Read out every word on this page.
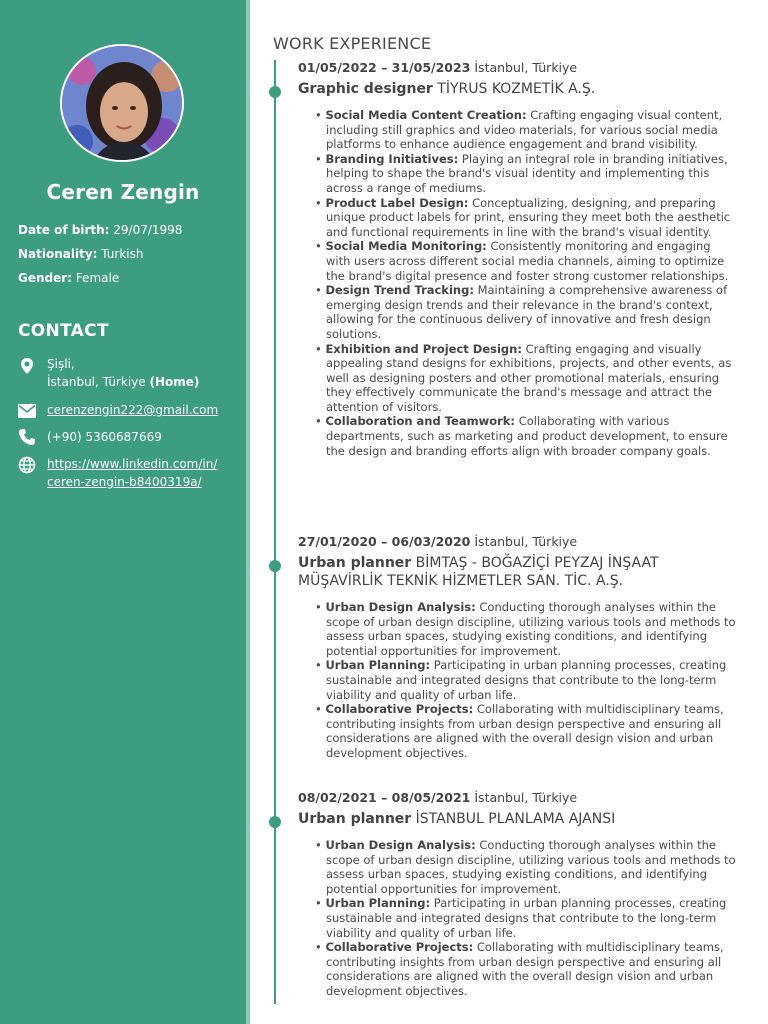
Ceren Zengin
Date of birth: 29/07/1998
Nationality: Turkish
Gender: Female
CONTACT
Şişli,
İstanbul, Türkiye (Home)
cerenzengin222@gmail.com
(+90) 5360687669
https://www.linkedin.com/in/
ceren-zengin-b8400319a/
WORK EXPERIENCE
01/05/2022 – 31/05/2023 İstanbul, Türkiye
Graphic designer TİYRUS KOZMETİK A.Ş.
• Social Media Content Creation: Crafting engaging visual content, including still graphics and video materials, for various social media platforms to enhance audience engagement and brand visibility.
• Branding Initiatives: Playing an integral role in branding initiatives, helping to shape the brand's visual identity and implementing this across a range of mediums.
• Product Label Design: Conceptualizing, designing, and preparing unique product labels for print, ensuring they meet both the aesthetic and functional requirements in line with the brand's visual identity.
• Social Media Monitoring: Consistently monitoring and engaging with users across different social media channels, aiming to optimize the brand's digital presence and foster strong customer relationships.
• Design Trend Tracking: Maintaining a comprehensive awareness of emerging design trends and their relevance in the brand's context, allowing for the continuous delivery of innovative and fresh design solutions.
• Exhibition and Project Design: Crafting engaging and visually appealing stand designs for exhibitions, projects, and other events, as well as designing posters and other promotional materials, ensuring they effectively communicate the brand's message and attract the attention of visitors.
• Collaboration and Teamwork: Collaborating with various departments, such as marketing and product development, to ensure the design and branding efforts align with broader company goals.
27/01/2020 – 06/03/2020 İstanbul, Türkiye
Urban planner BİMTAŞ - BOĞAZİÇİ PEYZAJ İNŞAAT MÜŞAVİRLİK TEKNİK HİZMETLER SAN. TİC. A.Ş.
• Urban Design Analysis: Conducting thorough analyses within the scope of urban design discipline, utilizing various tools and methods to assess urban spaces, studying existing conditions, and identifying potential opportunities for improvement.
• Urban Planning: Participating in urban planning processes, creating sustainable and integrated designs that contribute to the long-term viability and quality of urban life.
• Collaborative Projects: Collaborating with multidisciplinary teams, contributing insights from urban design perspective and ensuring all considerations are aligned with the overall design vision and urban development objectives.
08/02/2021 – 08/05/2021 İstanbul, Türkiye
Urban planner İSTANBUL PLANLAMA AJANSI
• Urban Design Analysis: Conducting thorough analyses within the scope of urban design discipline, utilizing various tools and methods to assess urban spaces, studying existing conditions, and identifying potential opportunities for improvement.
• Urban Planning: Participating in urban planning processes, creating sustainable and integrated designs that contribute to the long-term viability and quality of urban life.
• Collaborative Projects: Collaborating with multidisciplinary teams, contributing insights from urban design perspective and ensuring all considerations are aligned with the overall design vision and urban development objectives.
